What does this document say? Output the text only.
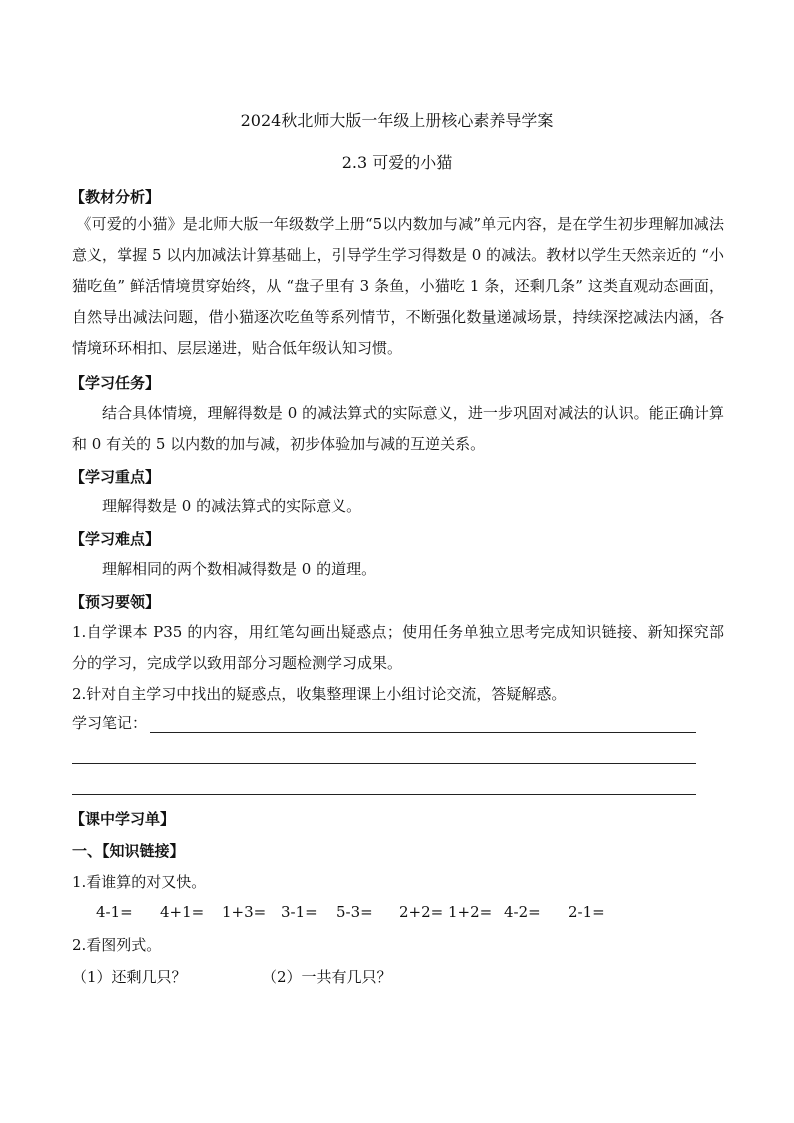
2024秋北师大版一年级上册核心素养导学案
2.3 可爱的小猫
【教材分析】
《可爱的小猫》是北师大版一年级数学上册“5以内数加与减”单元内容，是在学生初步理解加减法意义，掌握 5 以内加减法计算基础上，引导学生学习得数是 0 的减法。教材以学生天然亲近的 “小猫吃鱼” 鲜活情境贯穿始终，从 “盘子里有 3 条鱼，小猫吃 1 条，还剩几条” 这类直观动态画面，自然导出减法问题，借小猫逐次吃鱼等系列情节，不断强化数量递减场景，持续深挖减法内涵，各情境环环相扣、层层递进，贴合低年级认知习惯。
【学习任务】
结合具体情境，理解得数是 0 的减法算式的实际意义，进一步巩固对减法的认识。能正确计算和 0 有关的 5 以内数的加与减，初步体验加与减的互逆关系。
【学习重点】
理解得数是 0 的减法算式的实际意义。
【学习难点】
理解相同的两个数相减得数是 0 的道理。
【预习要领】
1.自学课本 P35 的内容，用红笔勾画出疑惑点；使用任务单独立思考完成知识链接、新知探究部分的学习，完成学以致用部分习题检测学习成果。
2.针对自主学习中找出的疑惑点，收集整理课上小组讨论交流，答疑解惑。
学习笔记：
【课中学习单】
一、【知识链接】
1.看谁算的对又快。
4-1= 4+1= 1+3= 3-1= 5-3= 2+2= 1+2= 4-2= 2-1=
2.看图列式。
（1）还剩几只？	（2）一共有几只？
